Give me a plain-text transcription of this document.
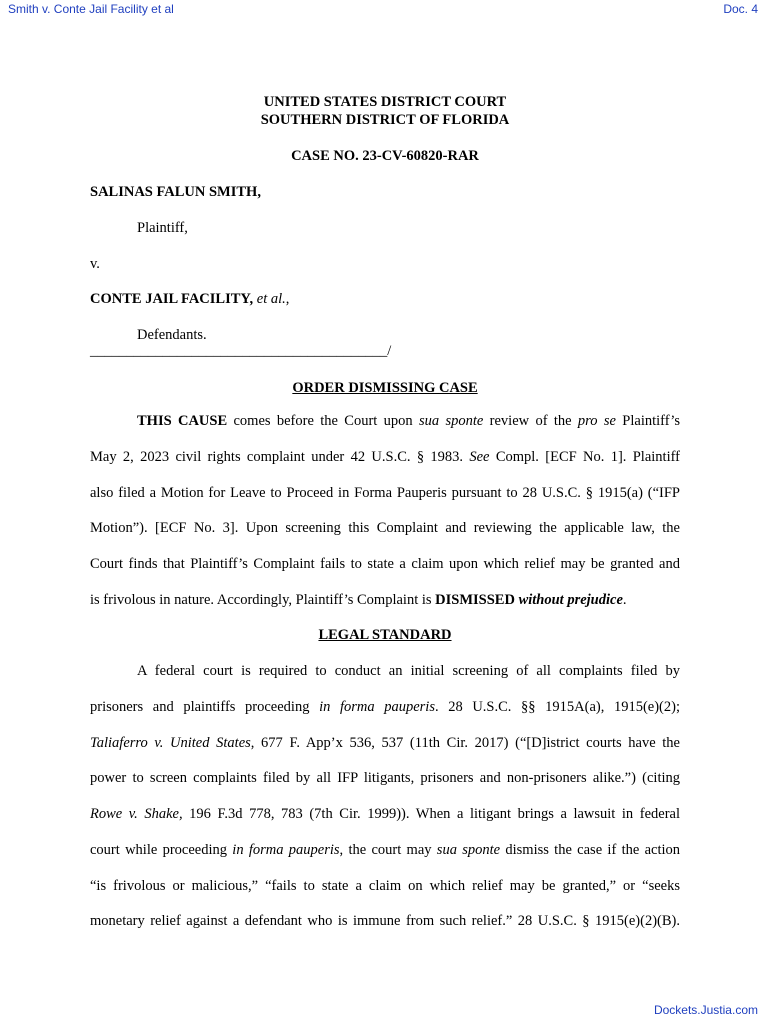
Smith v. Conte Jail Facility et al	Doc. 4
UNITED STATES DISTRICT COURT
SOUTHERN DISTRICT OF FLORIDA
CASE NO. 23-CV-60820-RAR
SALINAS FALUN SMITH,
Plaintiff,
v.
CONTE JAIL FACILITY, et al.,
Defendants.
_________________________________________/
ORDER DISMISSING CASE
THIS CAUSE comes before the Court upon sua sponte review of the pro se Plaintiff’s
May 2, 2023 civil rights complaint under 42 U.S.C. § 1983. See Compl. [ECF No. 1]. Plaintiff
also filed a Motion for Leave to Proceed in Forma Pauperis pursuant to 28 U.S.C. § 1915(a) (“IFP
Motion”). [ECF No. 3]. Upon screening this Complaint and reviewing the applicable law, the
Court finds that Plaintiff’s Complaint fails to state a claim upon which relief may be granted and
is frivolous in nature. Accordingly, Plaintiff’s Complaint is DISMISSED without prejudice.
LEGAL STANDARD
A federal court is required to conduct an initial screening of all complaints filed by
prisoners and plaintiffs proceeding in forma pauperis. 28 U.S.C. §§ 1915A(a), 1915(e)(2);
Taliaferro v. United States, 677 F. App’x 536, 537 (11th Cir. 2017) (“[D]istrict courts have the
power to screen complaints filed by all IFP litigants, prisoners and non-prisoners alike.”) (citing
Rowe v. Shake, 196 F.3d 778, 783 (7th Cir. 1999)). When a litigant brings a lawsuit in federal
court while proceeding in forma pauperis, the court may sua sponte dismiss the case if the action
“is frivolous or malicious,” “fails to state a claim on which relief may be granted,” or “seeks
monetary relief against a defendant who is immune from such relief.” 28 U.S.C. § 1915(e)(2)(B).
Dockets.Justia.com
